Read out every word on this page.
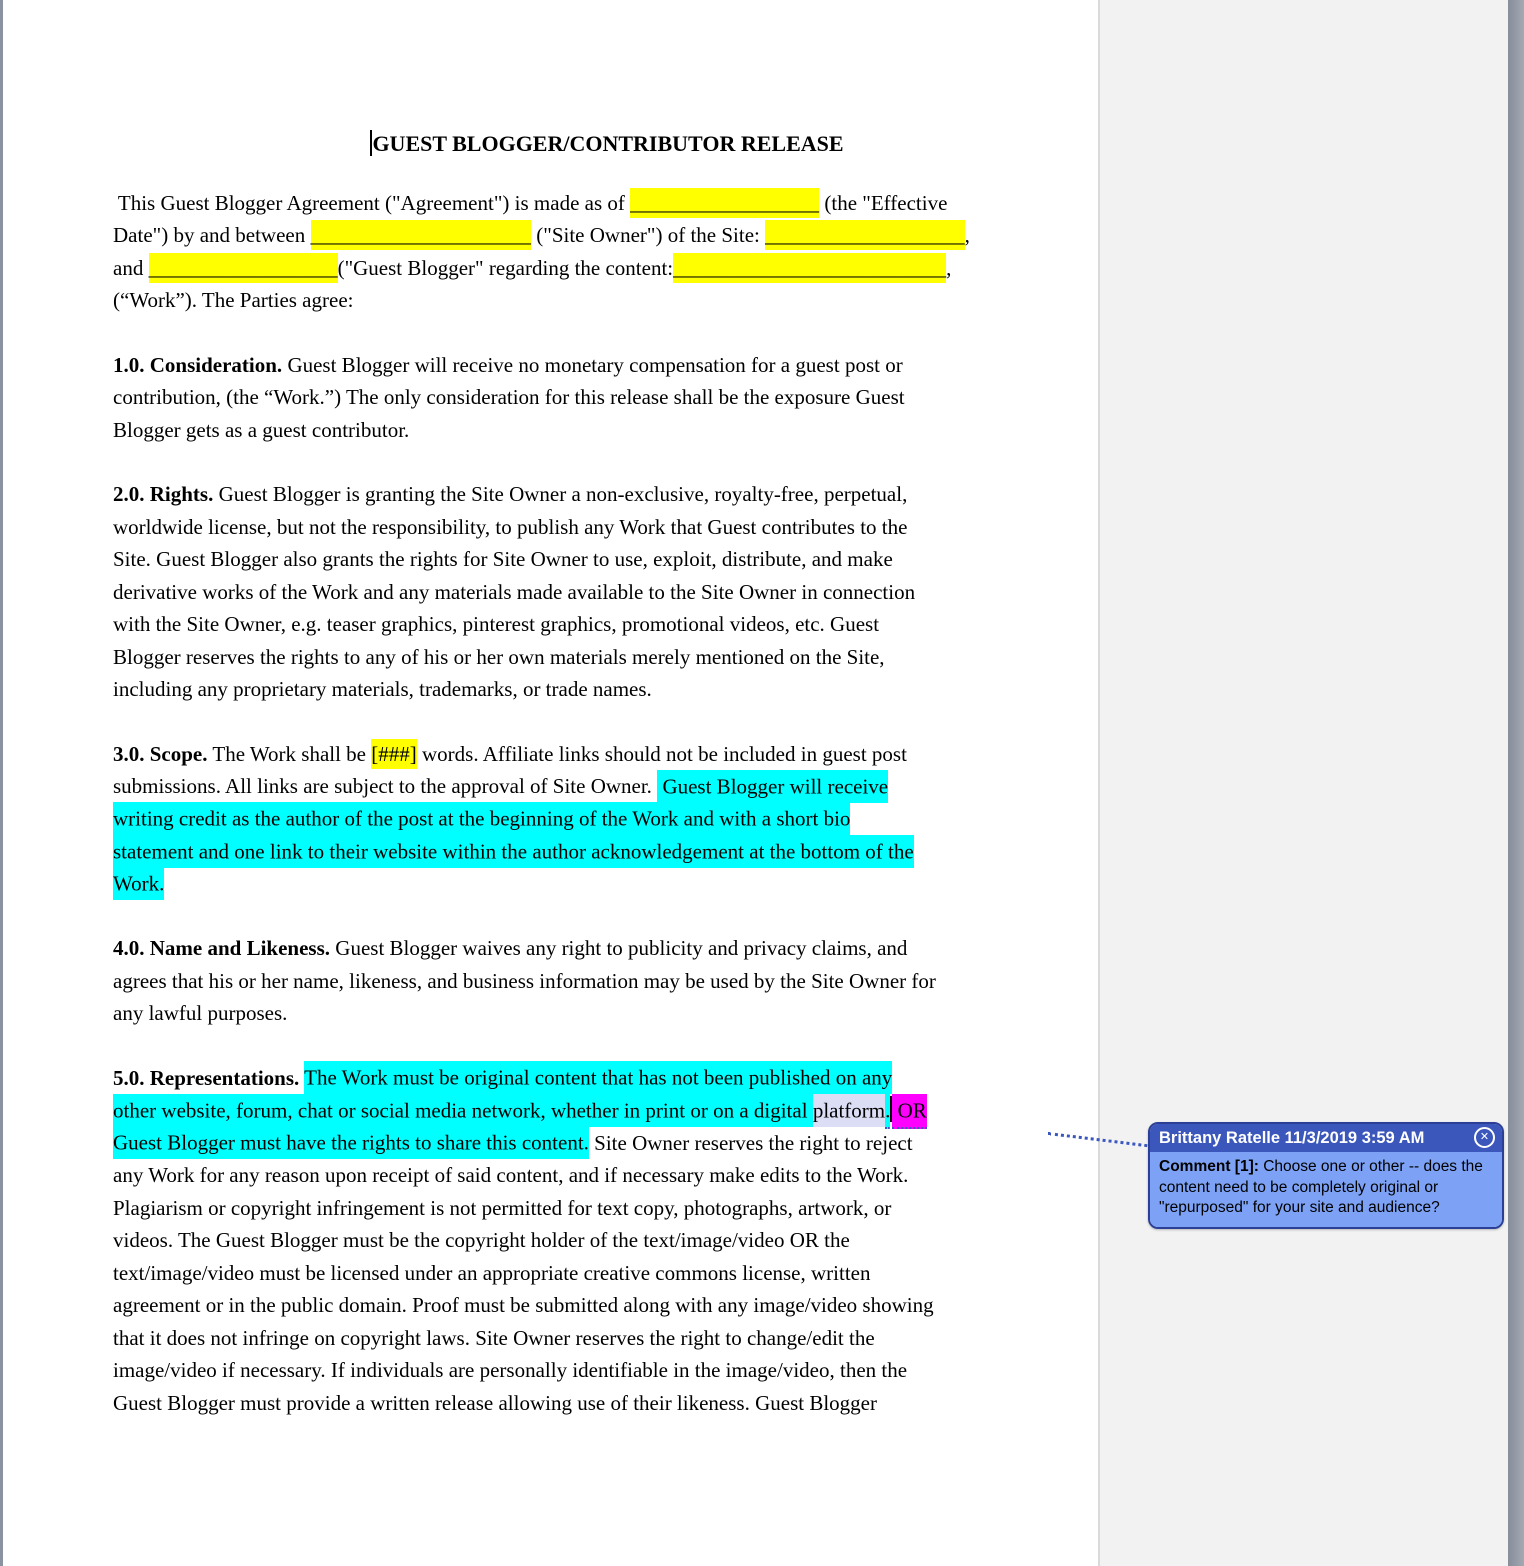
GUEST BLOGGER/CONTRIBUTOR RELEASE
This Guest Blogger Agreement ("Agreement") is made as of __________________ (the "Effective
Date") by and between _____________________ ("Site Owner") of the Site: ___________________,
and __________________("Guest Blogger" regarding the content:__________________________,
(“Work”). The Parties agree:
1.0. Consideration. Guest Blogger will receive no monetary compensation for a guest post or
contribution, (the “Work.”) The only consideration for this release shall be the exposure Guest
Blogger gets as a guest contributor.
2.0. Rights. Guest Blogger is granting the Site Owner a non-exclusive, royalty-free, perpetual,
worldwide license, but not the responsibility, to publish any Work that Guest contributes to the
Site. Guest Blogger also grants the rights for Site Owner to use, exploit, distribute, and make
derivative works of the Work and any materials made available to the Site Owner in connection
with the Site Owner, e.g. teaser graphics, pinterest graphics, promotional videos, etc. Guest
Blogger reserves the rights to any of his or her own materials merely mentioned on the Site,
including any proprietary materials, trademarks, or trade names.
3.0. Scope. The Work shall be [###] words. Affiliate links should not be included in guest post
submissions. All links are subject to the approval of Site Owner.  Guest Blogger will receive
writing credit as the author of the post at the beginning of the Work and with a short bio
statement and one link to their website within the author acknowledgement at the bottom of the
Work.
4.0. Name and Likeness. Guest Blogger waives any right to publicity and privacy claims, and
agrees that his or her name, likeness, and business information may be used by the Site Owner for
any lawful purposes.
5.0. Representations. The Work must be original content that has not been published on any
other website, forum, chat or social media network, whether in print or on a digital platform. OR
Guest Blogger must have the rights to share this content. Site Owner reserves the right to reject
any Work for any reason upon receipt of said content, and if necessary make edits to the Work.
Plagiarism or copyright infringement is not permitted for text copy, photographs, artwork, or
videos. The Guest Blogger must be the copyright holder of the text/image/video OR the
text/image/video must be licensed under an appropriate creative commons license, written
agreement or in the public domain. Proof must be submitted along with any image/video showing
that it does not infringe on copyright laws. Site Owner reserves the right to change/edit the
image/video if necessary. If individuals are personally identifiable in the image/video, then the
Guest Blogger must provide a written release allowing use of their likeness. Guest Blogger
Brittany Ratelle 11/3/2019 3:59 AM	✕
Comment [1]: Choose one or other -- does the content need to be completely original or "repurposed" for your site and audience?
